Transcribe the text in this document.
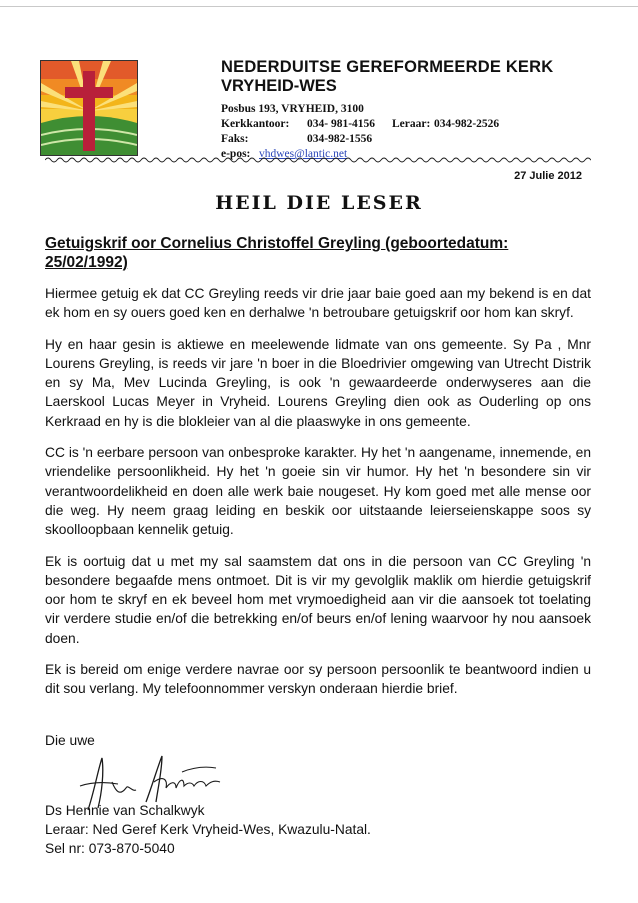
NEDERDUITSE GEREFORMEERDE KERK
VRYHEID-WES
Posbus 193, VRYHEID, 3100
Kerkkantoor: 034- 981-4156 Leraar: 034-982-2526
Faks:	034-982-1556
e-pos: vhdwes@lantic.net
27 Julie 2012
HEIL DIE LESER
Getuigskrif oor Cornelius Christoffel Greyling (geboortedatum: 25/02/1992)

Hiermee getuig ek dat CC Greyling reeds vir drie jaar baie goed aan my bekend is en dat ek hom en sy ouers goed ken en derhalwe 'n betroubare getuigskrif oor hom kan skryf.

Hy en haar gesin is aktiewe en meelewende lidmate van ons gemeente. Sy Pa , Mnr Lourens Greyling, is reeds vir jare 'n boer in die Bloedrivier omgewing van Utrecht Distrik en sy Ma, Mev Lucinda Greyling, is ook 'n gewaardeerde onderwyseres aan die Laerskool Lucas Meyer in Vryheid. Lourens Greyling dien ook as Ouderling op ons Kerkraad en hy is die blokleier van al die plaaswyke in ons gemeente.

CC is 'n eerbare persoon van onbesproke karakter. Hy het 'n aangename, innemende, en vriendelike persoonlikheid. Hy het 'n goeie sin vir humor. Hy het 'n besondere sin vir verantwoordelikheid en doen alle werk baie nougeset. Hy kom goed met alle mense oor die weg. Hy neem graag leiding en beskik oor uitstaande leierseienskappe soos sy skoolloopbaan kennelik getuig.

Ek is oortuig dat u met my sal saamstem dat ons in die persoon van CC Greyling 'n besondere begaafde mens ontmoet. Dit is vir my gevolglik maklik om hierdie getuigskrif oor hom te skryf en ek beveel hom met vrymoedigheid aan vir die aansoek tot toelating vir verdere studie en/of die betrekking en/of beurs en/of lening waarvoor hy nou aansoek doen.

Ek is bereid om enige verdere navrae oor sy persoon persoonlik te beantwoord indien u dit sou verlang. My telefoonnommer verskyn onderaan hierdie brief.

Die uwe
Ds Hennie van Schalkwyk
Leraar: Ned Geref Kerk Vryheid-Wes, Kwazulu-Natal.
Sel nr: 073-870-5040
